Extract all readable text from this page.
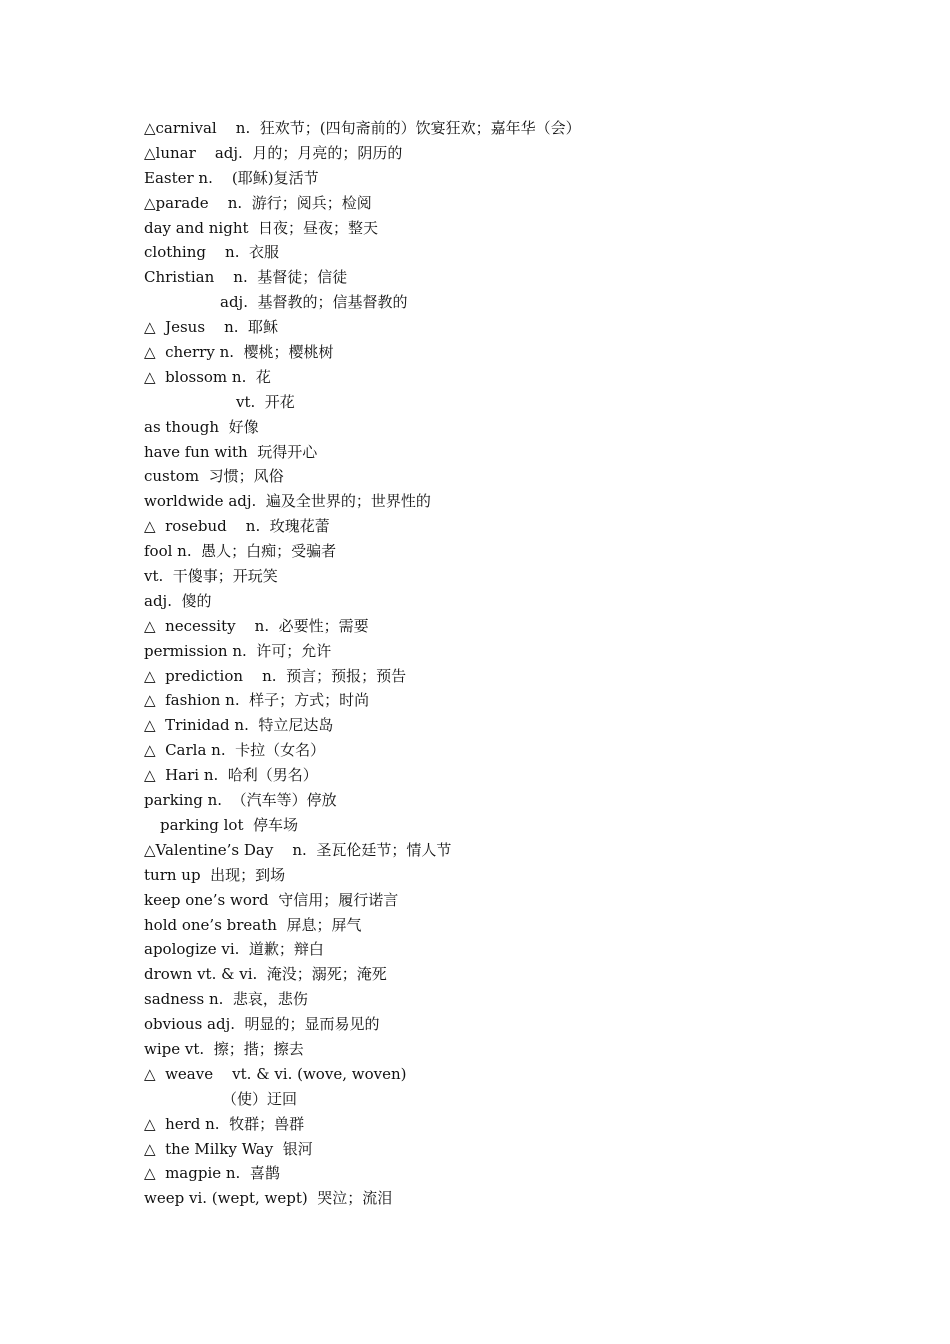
△carnival    n.  狂欢节；(四旬斋前的）饮宴狂欢；嘉年华（会）
△lunar    adj.  月的；月亮的；阴历的
Easter n.    (耶稣)复活节
△parade    n.  游行；阅兵；检阅
day and night  日夜；昼夜；整天
clothing    n.  衣服
Christian    n.  基督徒；信徒
adj.  基督教的；信基督教的
△  Jesus    n.  耶稣
△  cherry n.  樱桃；樱桃树
△  blossom n.  花
vt.  开花
as though  好像
have fun with  玩得开心
custom  习惯；风俗
worldwide adj.  遍及全世界的；世界性的
△  rosebud    n.  玫瑰花蕾
fool n.  愚人；白痴；受骗者
vt.  干傻事；开玩笑
adj.  傻的
△  necessity    n.  必要性；需要
permission n.  许可；允许
△  prediction    n.  预言；预报；预告
△  fashion n.  样子；方式；时尚
△  Trinidad n.  特立尼达岛
△  Carla n.  卡拉（女名）
△  Hari n.  哈利（男名）
parking n.  （汽车等）停放
parking lot  停车场
△Valentine’s Day    n.  圣瓦伦廷节；情人节
turn up  出现；到场
keep one’s word  守信用；履行诺言
hold one’s breath  屏息；屏气
apologize vi.  道歉；辩白
drown vt. & vi.  淹没；溺死；淹死
sadness n.  悲哀，悲伤
obvious adj.  明显的；显而易见的
wipe vt.  擦；揩；擦去
△  weave    vt. & vi. (wove, woven)
（使）迂回
△  herd n.  牧群；兽群
△  the Milky Way  银河
△  magpie n.  喜鹊
weep vi. (wept, wept)  哭泣；流泪
